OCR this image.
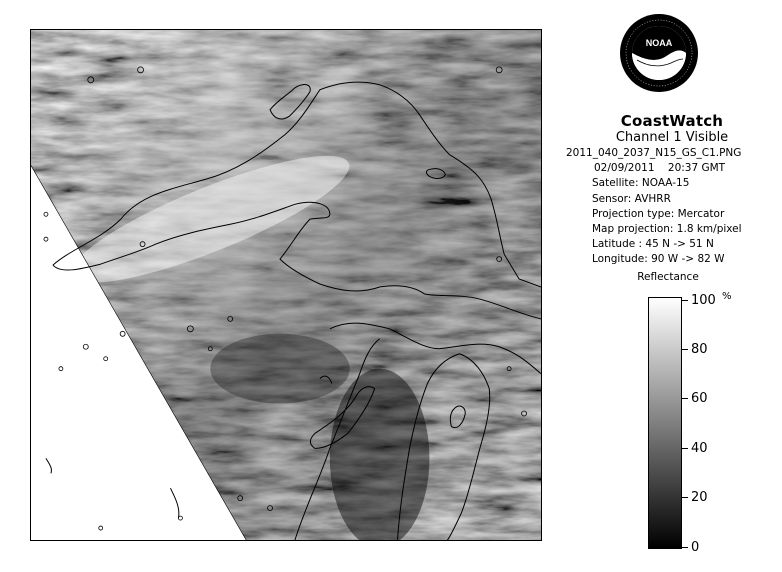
NOAA
CoastWatch
Channel 1 Visible
2011_040_2037_N15_GS_C1.PNG
02/09/2011 20:37 GMT
Satellite: NOAA-15
Sensor: AVHRR
Projection type: Mercator
Map projection: 1.8 km/pixel
Latitude : 45 N -> 51 N
Longitude: 90 W -> 82 W
Reflectance
%
100
80
60
40
20
0
